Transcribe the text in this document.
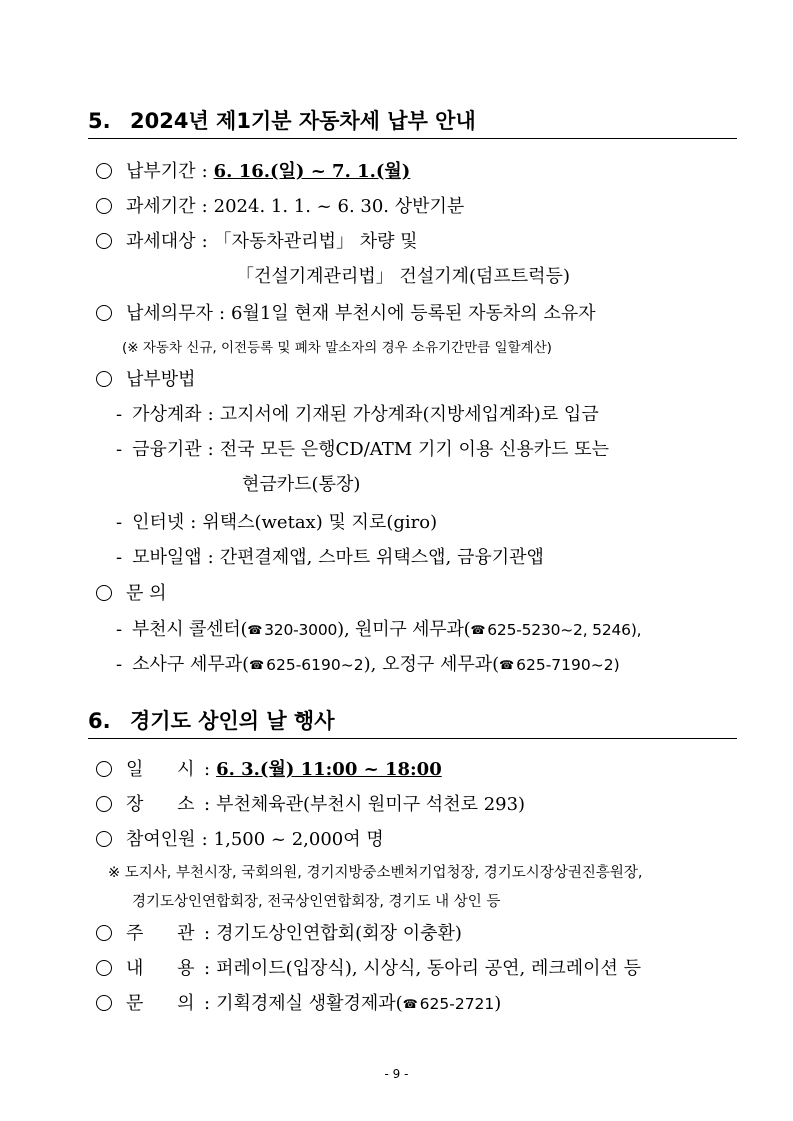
5. 2024년 제1기분 자동차세 납부 안내
납부기간 : 6. 16.(일) ~ 7. 1.(월)
과세기간 : 2024. 1. 1. ~ 6. 30. 상반기분
과세대상 : 「자동차관리법」 차량 및
「건설기계관리법」 건설기계(덤프트럭등)
납세의무자 : 6월1일 현재 부천시에 등록된 자동차의 소유자
(※ 자동차 신규, 이전등록 및 폐차 말소자의 경우 소유기간만큼 일할계산)
납부방법
- 가상계좌 : 고지서에 기재된 가상계좌(지방세입계좌)로 입금
- 금융기관 : 전국 모든 은행CD/ATM 기기 이용 신용카드 또는
현금카드(통장)
- 인터넷 : 위택스(wetax) 및 지로(giro)
- 모바일앱 : 간편결제앱, 스마트 위택스앱, 금융기관앱
문 의
- 부천시 콜센터(☎ 320-3000), 원미구 세무과(☎ 625-5230~2, 5246),
- 소사구 세무과(☎ 625-6190~2), 오정구 세무과(☎ 625-7190~2)
6. 경기도 상인의 날 행사
일 시 : 6. 3.(월) 11:00 ~ 18:00
장 소 : 부천체육관(부천시 원미구 석천로 293)
참여인원 : 1,500 ~ 2,000여 명
※ 도지사, 부천시장, 국회의원, 경기지방중소벤처기업청장, 경기도시장상권진흥원장,
경기도상인연합회장, 전국상인연합회장, 경기도 내 상인 등
주 관 : 경기도상인연합회(회장 이충환)
내 용 : 퍼레이드(입장식), 시상식, 동아리 공연, 레크레이션 등
문 의 : 기획경제실 생활경제과(☎ 625-2721)
- 9 -
